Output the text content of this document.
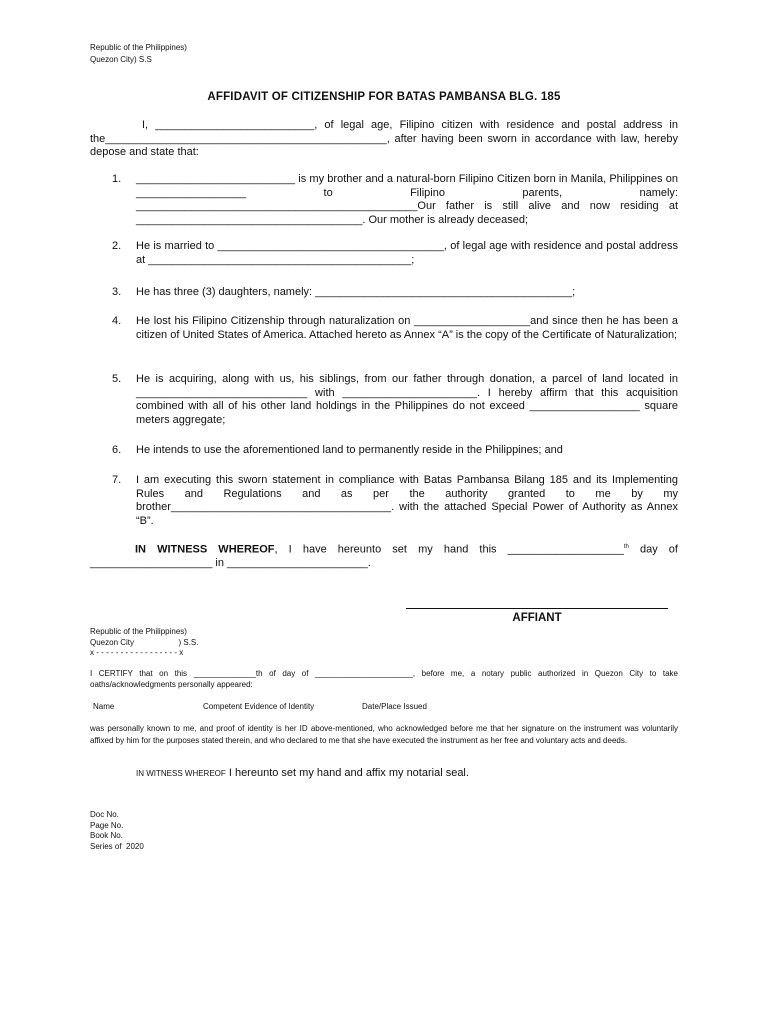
Republic of the Philippines)
Quezon City) S.S
AFFIDAVIT OF CITIZENSHIP FOR BATAS PAMBANSA BLG. 185
I, __________________________, of legal age, Filipino citizen with residence and postal address in the______________________________________________, after having been sworn in accordance with law, hereby depose and state that:
1.	__________________________ is my brother and a natural-born Filipino Citizen born in Manila, Philippines on __________________ to Filipino parents, namely: ______________________________________________Our father is still alive and now residing at _____________________________________. Our mother is already deceased;
2.	He is married to _____________________________________, of legal age with residence and postal address at ___________________________________________;
3.	He has three (3) daughters, namely: __________________________________________;
4.	He lost his Filipino Citizenship through naturalization on ___________________and since then he has been a citizen of United States of America. Attached hereto as Annex “A” is the copy of the Certificate of Naturalization;
5.	He is acquiring, along with us, his siblings, from our father through donation, a parcel of land located in ____________________________ with ______________________. I hereby affirm that this acquisition combined with all of his other land holdings in the Philippines do not exceed __________________ square meters aggregate;
6.	He intends to use the aforementioned land to permanently reside in the Philippines; and
7.	I am executing this sworn statement in compliance with Batas Pambansa Bilang 185 and its Implementing Rules and Regulations and as per the authority granted to me by my brother____________________________________. with the attached Special Power of Authority as Annex “B”.
IN WITNESS WHEREOF, I have hereunto set my hand this ___________________$^{th}$ day of ____________________ in _______________________.
AFFIANT
Republic of the Philippines)
Quezon City                    ) S.S.
x - - - - - - - - - - - - - - - - - x
I CERTIFY that on this ______________th of day of ______________________, before me, a notary public authorized in Quezon City to take oaths/acknowledgments personally appeared:
Name	Competent Evidence of Identity	Date/Place Issued
was personally known to me, and proof of identity is her ID above-mentioned, who acknowledged before me that her signature on the instrument was voluntarily affixed by him for the purposes stated therein, and who declared to me that she have executed the instrument as her free and voluntary acts and deeds.
IN WITNESS WHEREOF I hereunto set my hand and affix my notarial seal.
Doc No.
Page No.
Book No.
Series of  2020
